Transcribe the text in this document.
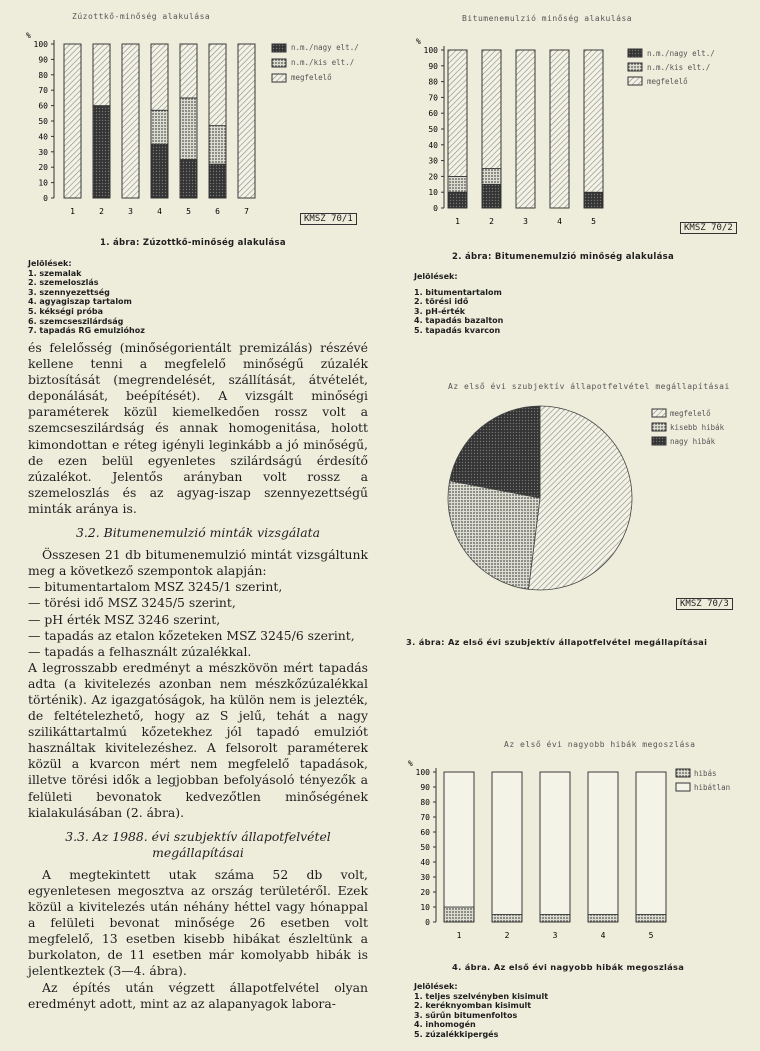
Zúzottkő-minőség alakulása
%
100
90
80
70
60
50
40
30
20
10
0
1	2	3	4	5	6	7
n.m./nagy elt./
n.m./kis elt./
megfelelő
KMSZ 70/1
1. ábra: Zúzottkő-minőség alakulása
Jelölések:
1. szemalak
2. szemeloszlás
3. szennyezettség
4. agyagiszap tartalom
5. kékségi próba
6. szemcseszilárdság
7. tapadás RG emulzióhoz
Bitumenemulzió minőség alakulása
%
100
90
80
70
60
50
40
30
20
10
0
1	2	3	4	5
n.m./nagy elt./
n.m./kis elt./
megfelelő
KMSZ 70/2
2. ábra: Bitumenemulzió minőség alakulása
Jelölések:
1. bitumentartalom
2. törési idő
3. pH-érték
4. tapadás bazalton
5. tapadás kvarcon
Az első évi szubjektív állapotfelvétel megállapításai
megfelelő
kisebb hibák
nagy hibák
KMSZ 70/3
3. ábra: Az első évi szubjektív állapotfelvétel megállapításai
Az első évi nagyobb hibák megoszlása
%
100
90
80
70
60
50
40
30
20
10
0
1	2	3	4	5
hibás
hibátlan
4. ábra. Az első évi nagyobb hibák megoszlása
Jelölések:
1. teljes szelvényben kisimult
2. keréknyomban kisimult
3. sűrűn bitumenfoltos
4. inhomogén
5. zúzalékkipergés

és felelősség (minőségorientált premizálás) részévé kellene tenni a megfelelő minőségű zúzalék biztosítását (megrendelését, szállítását, átvételét, deponálását, beépítését). A vizsgált minőségi paraméterek közül kiemelkedően rossz volt a szemcseszilárdság és annak homogenitása, holott kimondottan e réteg igényli leginkább a jó minőségű, de ezen belül egyenletes szilárdságú érdesítő zúzalékot. Jelentős arányban volt rossz a szemeloszlás és az agyag-iszap szennyezettségű minták aránya is.

3.2. Bitumenemulzió minták vizsgálata

Összesen 21 db bitumenemulzió mintát vizsgáltunk meg a következő szempontok alapján:

— bitumentartalom MSZ 3245/1 szerint,
— törési idő MSZ 3245/5 szerint,
— pH érték MSZ 3246 szerint,
— tapadás az etalon kőzeteken MSZ 3245/6 szerint,
— tapadás a felhasznált zúzalékkal.

A legrosszabb eredményt a mészkövön mért tapadás adta (a kivitelezés azonban nem mészkőzúzalékkal történik). Az igazgatóságok, ha külön nem is jelezték, de feltételezhető, hogy az S jelű, tehát a nagy szilikáttartalmú kőzetekhez jól tapadó emulziót használtak kivitelezéshez. A felsorolt paraméterek közül a kvarcon mért nem megfelelő tapadások, illetve törési idők a legjobban befolyásoló tényezők a felületi bevonatok kedvezőtlen minőségének kialakulásában (2. ábra).

3.3. Az 1988. évi szubjektív állapotfelvétel megállapításai

A megtekintett utak száma 52 db volt, egyenletesen megosztva az ország területéről. Ezek közül a kivitelezés után néhány héttel vagy hónappal a felületi bevonat minősége 26 esetben volt megfelelő, 13 esetben kisebb hibákat észleltünk a burkolaton, de 11 esetben már komolyabb hibák is jelentkeztek (3—4. ábra).

Az építés után végzett állapotfelvétel olyan eredményt adott, mint az az alapanyagok labora-
